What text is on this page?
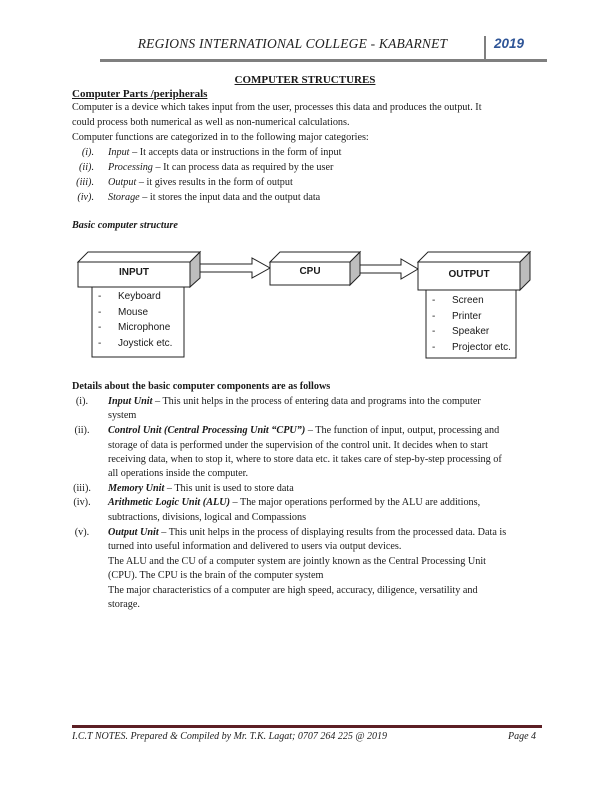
REGIONS INTERNATIONAL COLLEGE - KABARNET	2019
COMPUTER STRUCTURES
Computer Parts /peripherals
Computer is a device which takes input from the user, processes this data and produces the output. It
could process both numerical as well as non-numerical calculations.
Computer functions are categorized in to the following major categories:
(i). Input – It accepts data or instructions in the form of input
(ii). Processing – It can process data as required by the user
(iii). Output – it gives results in the form of output
(iv). Storage – it stores the input data and the output data
Basic computer structure
INPUT	CPU	OUTPUT
-	Keyboard
-	Mouse
-	Microphone
-	Joystick etc.
-	Screen
-	Printer
-	Speaker
-	Projector etc.
Details about the basic computer components are as follows
(i).	Input Unit – This unit helps in the process of entering data and programs into the computer
system
(ii).	Control Unit (Central Processing Unit “CPU”) – The function of input, output, processing and
storage of data is performed under the supervision of the control unit. It decides when to start
receiving data, when to stop it, where to store data etc. it takes care of step-by-step processing of
all operations inside the computer.
(iii).	Memory Unit – This unit is used to store data
(iv).	Arithmetic Logic Unit (ALU) – The major operations performed by the ALU are additions,
subtractions, divisions, logical and Compassions
(v).	Output Unit – This unit helps in the process of displaying results from the processed data. Data is
turned into useful information and delivered to users via output devices.
The ALU and the CU of a computer system are jointly known as the Central Processing Unit
(CPU). The CPU is the brain of the computer system
The major characteristics of a computer are high speed, accuracy, diligence, versatility and
storage.
I.C.T NOTES. Prepared & Compiled by Mr. T.K. Lagat; 0707 264 225 @ 2019	Page 4
